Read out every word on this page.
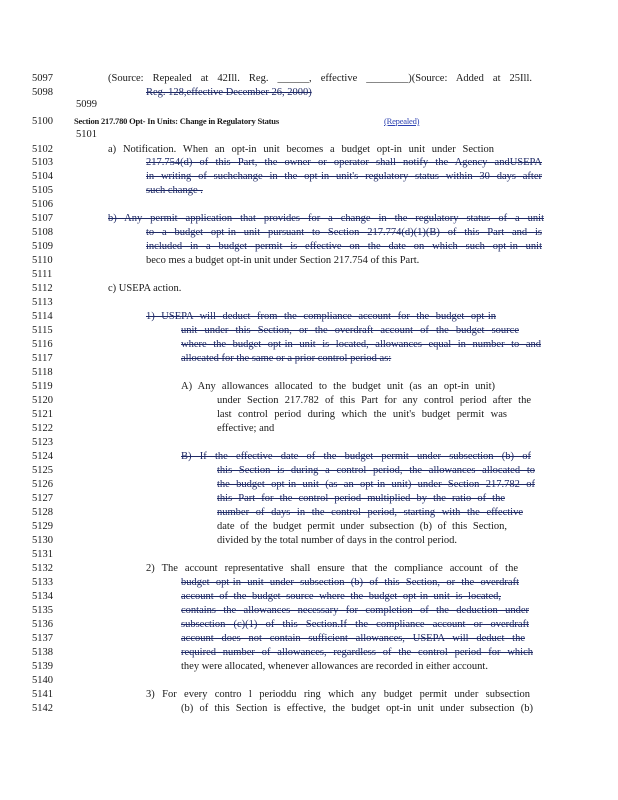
5097	(Source: Repealed at 42Ill. Reg. ______, effective ________)(Source: Added at 25Ill.
5098	Reg. 128,effective December 26, 2000)
5099
5100	Section 217.780 Opt- In Units: Change in Regulatory Status	(Repealed)
5101
5102	a) Notification. When an opt-in unit becomes a budget opt-in unit under Section
5103	217.754(d) of this Part, the owner or operator shall notify the Agency andUSEPA
5104	in writing of suchchange in the opt-in unit's regulatory status within 30 days after
5105	such change .
5106
5107	b) Any permit application that provides for a change in the regulatory status of a unit
5108	to a budget opt-in unit pursuant to Section 217.774(d)(1)(B) of this Part and is
5109	included in a budget permit is effective on the date on which such opt-in unit
5110	beco mes a budget opt-in unit under Section 217.754 of this Part.
5111
5112	c) USEPA action.
5113
5114	1) USEPA will deduct from the compliance account for the budget opt-in
5115	unit under this Section, or the overdraft account of the budget source
5116	where the budget opt-in unit is located, allowances equal in number to and
5117	allocated for the same or a prior control period as:
5118
5119	A) Any allowances allocated to the budget unit (as an opt-in unit)
5120	under Section 217.782 of this Part for any control period after the
5121	last control period during which the unit's budget permit was
5122	effective; and
5123
5124	B) If the effective date of the budget permit under subsection (b) of
5125	this Section is during a control period, the allowances allocated to
5126	the budget opt-in unit (as an opt-in unit) under Section 217.782 of
5127	this Part for the control period multiplied by the ratio of the
5128	number of days in the control period, starting with the effective
5129	date of the budget permit under subsection (b) of this Section,
5130	divided by the total number of days in the control period.
5131
5132	2) The account representative shall ensure that the compliance account of the
5133	budget opt-in unit under subsection (b) of this Section, or the overdraft
5134	account of the budget source where the budget opt-in unit is located,
5135	contains the allowances necessary for completion of the deduction under
5136	subsection (c)(1) of this Section.If the compliance account or overdraft
5137	account does not contain sufficient allowances, USEPA will deduct the
5138	required number of allowances, regardless of the control period for which
5139	they were allocated, whenever allowances are recorded in either account.
5140
5141	3) For every contro l perioddu ring which any budget permit under subsection
5142	(b) of this Section is effective, the budget opt-in unit under subsection (b)
